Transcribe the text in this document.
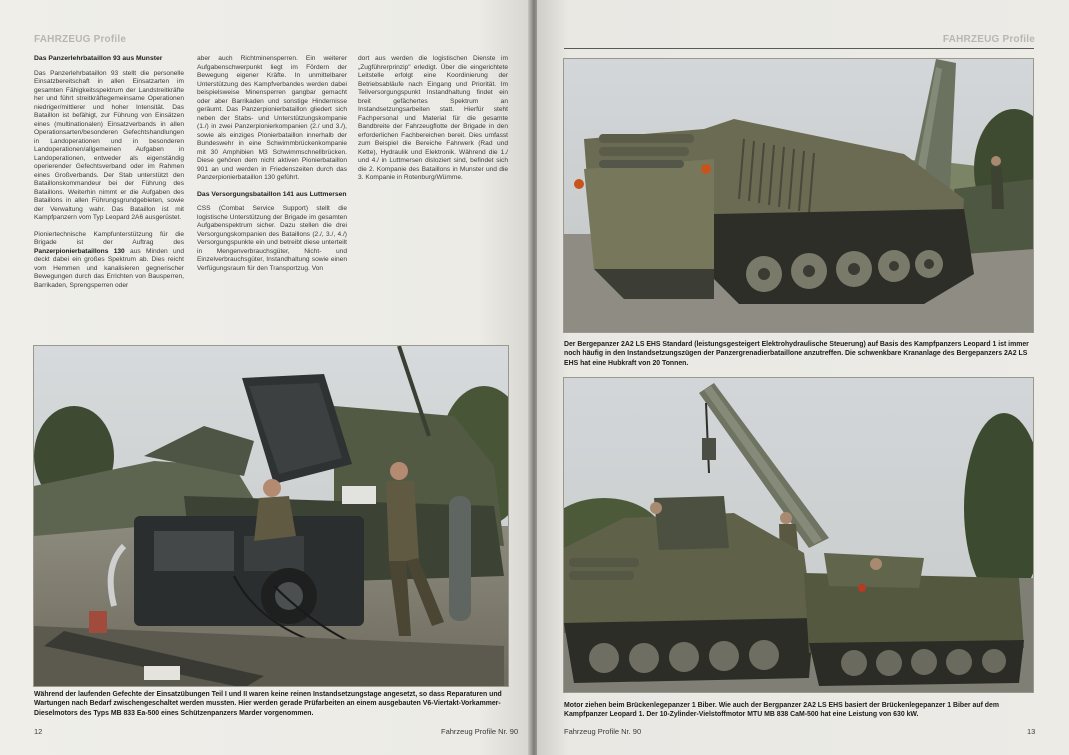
FAHRZEUG Profile
Das Panzerlehrbataillon 93 aus Munster

Das Panzerlehrbataillon 93 stellt die personelle Einsatzbereitschaft in allen Einsatzarten im gesamten Fähigkeitsspektrum der Landstreitkräfte her und führt streitkräftegemeinsame Operationen niedriger/mittlerer und hoher Intensität. Das Bataillon ist befähigt, zur Führung von Einsätzen eines (multinationalen) Einsatzverbands in allen Operationsarten/besonderen Gefechtshandlungen in Landoperationen und in besonderen Landoperationen/allgemeinen Aufgaben in Landoperationen, entweder als eigenständig operierender Gefechtsverband oder im Rahmen eines Großverbands. Der Stab unterstützt den Bataillonskommandeur bei der Führung des Bataillons. Weiterhin nimmt er die Aufgaben des Bataillons in allen Führungsgrundgebieten, sowie der Verwaltung wahr. Das Bataillon ist mit Kampfpanzern vom Typ Leopard 2A6 ausgerüstet.

Pioniertechnische Kampfunterstützung für die Brigade ist der Auftrag des Panzerpionierbataillons 130 aus Minden und deckt dabei ein großes Spektrum ab. Dies reicht vom Hemmen und kanalisieren gegnerischer Bewegungen durch das Errichten von Bausperren, Barrikaden, Sprengsperren oder

aber auch Richtminensperren. Ein weiterer Aufgabenschwerpunkt liegt im Fördern der Bewegung eigener Kräfte. In unmittelbarer Unterstützung des Kampfverbandes werden dabei beispielsweise Minensperren gangbar gemacht oder aber Barrikaden und sonstige Hindernisse geräumt. Das Panzerpionierbataillon gliedert sich neben der Stabs- und Unterstützungskompanie (1./) in zwei Panzerpionierkompanien (2./ und 3./), sowie als einziges Pionierbataillon innerhalb der Bundeswehr in eine Schwimmbrückenkompanie mit 30 Amphibien M3 Schwimmschnellbrücken. Diese gehören dem nicht aktiven Pionierbataillon 901 an und werden in Friedenszeiten durch das Panzerpionierbataillon 130 geführt.

Das Versorgungsbataillon 141 aus Luttmersen

CSS (Combat Service Support) stellt die logistische Unterstützung der Brigade im gesamten Aufgabenspektrum sicher. Dazu stellen die drei Versorgungskompanien des Bataillons (2./, 3./, 4./) Versorgungspunkte ein und betreibt diese unterteilt in Mengenverbrauchsgüter, Nicht- und Einzelverbrauchsgüter, Instandhaltung sowie einen Verfügungsraum für den Transportzug. Von

dort aus werden die logistischen Dienste im „Zugführerprinzip" erledigt. Über die eingerichtete Leitstelle erfolgt eine Koordinierung der Betriebsabläufe nach Eingang und Priorität. Im Teilversorgungspunkt Instandhaltung findet ein breit gefächertes Spektrum an Instandsetzungsarbeiten statt. Hierfür steht Fachpersonal und Material für die gesamte Bandbreite der Fahrzeugflotte der Brigade in den erforderlichen Fachbereichen bereit. Dies umfasst zum Beispiel die Bereiche Fahrwerk (Rad und Kette), Hydraulik und Elektronik. Während die 1./ und 4./ in Luttmersen disloziert sind, befindet sich die 2. Kompanie des Bataillons in Munster und die 3. Kompanie in Rotenburg/Wümme.

Während der laufenden Gefechte der Einsatzübungen Teil I und II waren keine reinen Instandsetzungstage angesetzt, so dass Reparaturen und Wartungen nach Bedarf zwischengeschaltet werden mussten. Hier werden gerade Prüfarbeiten an einem ausgebauten V6-Viertakt-Vorkammer-Dieselmotors des Typs MB 833 Ea-500 eines Schützenpanzers Marder vorgenommen.
12	Fahrzeug Profile Nr. 90
FAHRZEUG Profile
Der Bergepanzer 2A2 LS EHS Standard (leistungsgesteigert Elektrohydraulische Steuerung) auf Basis des Kampfpanzers Leopard 1 ist immer noch häufig in den Instandsetzungszügen der Panzergrenadierbataillone anzutreffen. Die schwenkbare Krananlage des Bergepanzers 2A2 LS EHS hat eine Hubkraft von 20 Tonnen.
Motor ziehen beim Brückenlegepanzer 1 Biber. Wie auch der Bergpanzer 2A2 LS EHS basiert der Brückenlegepanzer 1 Biber auf dem Kampfpanzer Leopard 1. Der 10-Zylinder-Vielstoffmotor MTU MB 838 CaM-500 hat eine Leistung von 630 kW.
Fahrzeug Profile Nr. 90	13
